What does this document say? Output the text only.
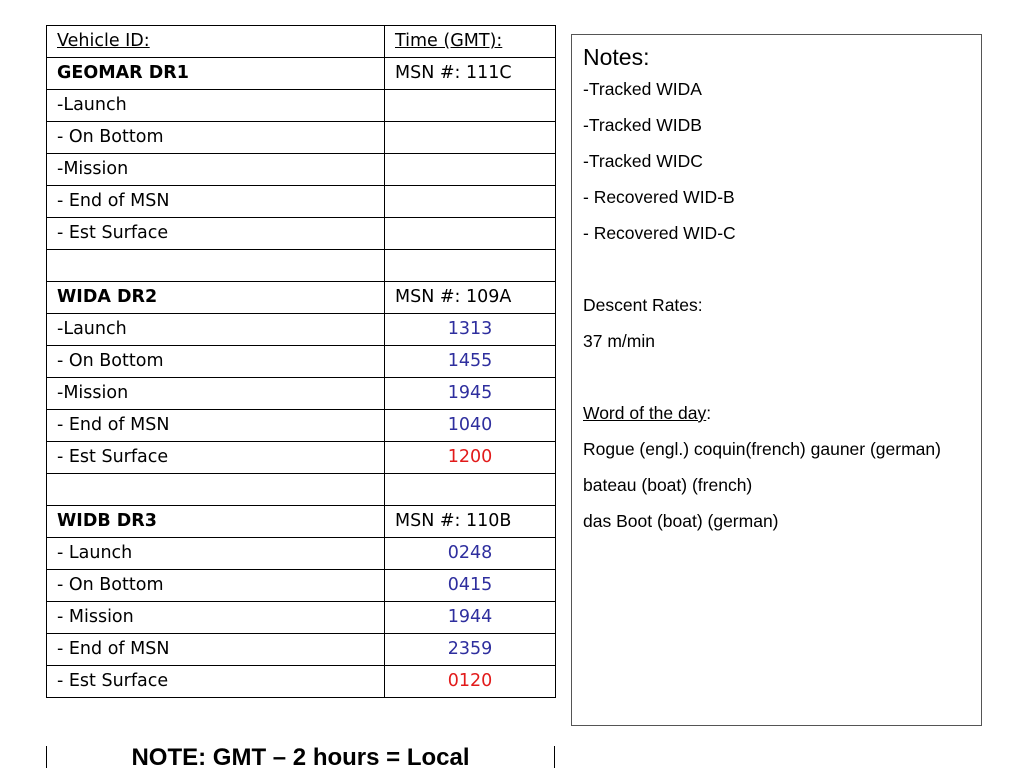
Vehicle ID:	Time (GMT):
GEOMAR DR1	MSN #: 111C
-Launch	
- On Bottom	
-Mission	
- End of MSN	
- Est Surface	

WIDA DR2	MSN #: 109A
-Launch	1313
- On Bottom	1455
-Mission	1945
- End of MSN	1040
- Est Surface	1200

WIDB DR3	MSN #: 110B
- Launch	0248
- On Bottom	0415
- Mission	1944
- End of MSN	2359
- Est Surface	0120
NOTE: GMT – 2 hours = Local
Notes:
-Tracked WIDA
-Tracked WIDB
-Tracked WIDC
- Recovered WID-B
- Recovered WID-C
Descent Rates:
37 m/min
Word of the day:
Rogue (engl.) coquin(french) gauner (german)
bateau (boat) (french)
das Boot (boat) (german)
